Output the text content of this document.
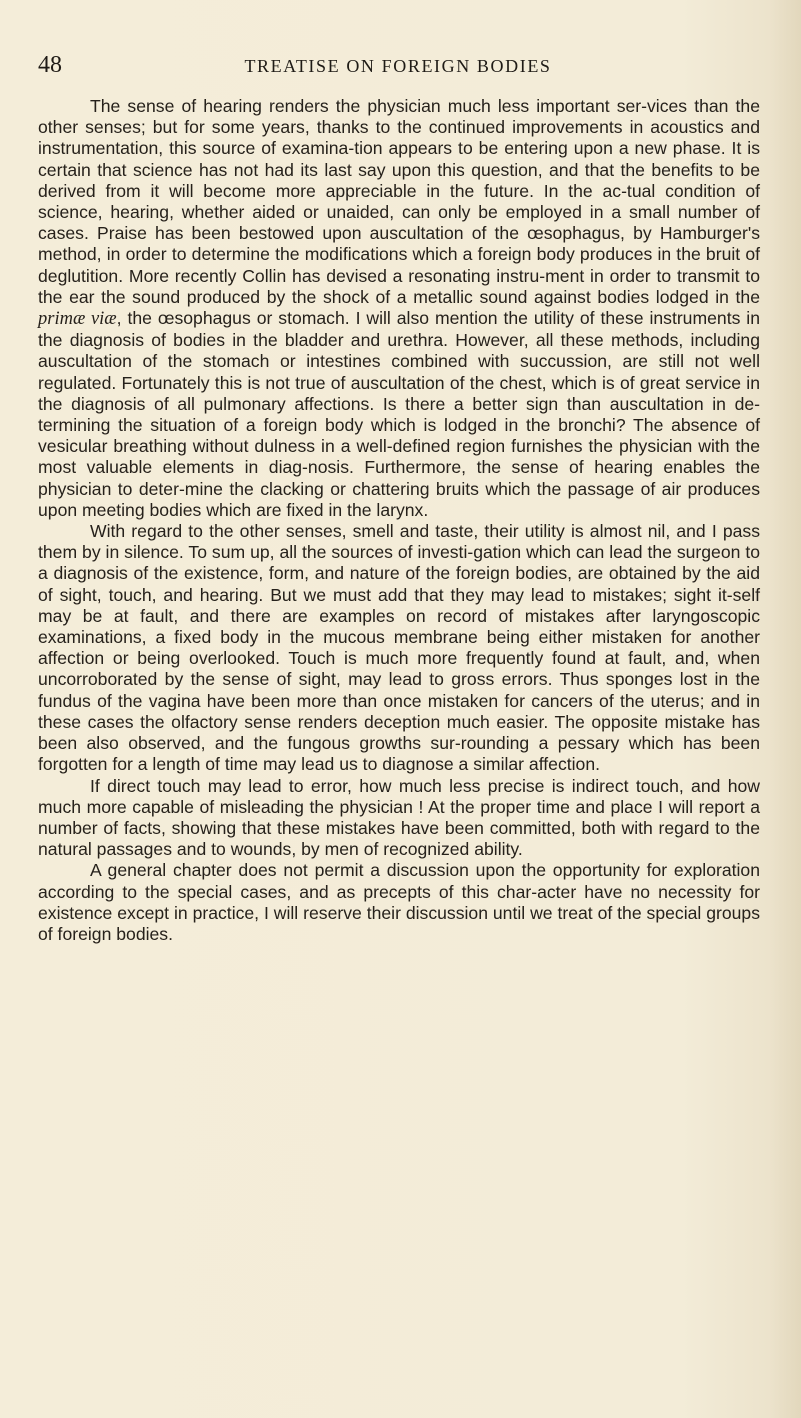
48	TREATISE ON FOREIGN BODIES

The sense of hearing renders the physician much less important ser-vices than the other senses; but for some years, thanks to the continued improvements in acoustics and instrumentation, this source of examina-tion appears to be entering upon a new phase. It is certain that science has not had its last say upon this question, and that the benefits to be derived from it will become more appreciable in the future. In the ac-tual condition of science, hearing, whether aided or unaided, can only be employed in a small number of cases. Praise has been bestowed upon auscultation of the œsophagus, by Hamburger's method, in order to determine the modifications which a foreign body produces in the bruit of deglutition. More recently Collin has devised a resonating instru-ment in order to transmit to the ear the sound produced by the shock of a metallic sound against bodies lodged in the primæ viæ, the œsophagus or stomach. I will also mention the utility of these instruments in the diagnosis of bodies in the bladder and urethra. However, all these methods, including auscultation of the stomach or intestines combined with succussion, are still not well regulated. Fortunately this is not true of auscultation of the chest, which is of great service in the diagnosis of all pulmonary affections. Is there a better sign than auscultation in de-termining the situation of a foreign body which is lodged in the bronchi? The absence of vesicular breathing without dulness in a well-defined region furnishes the physician with the most valuable elements in diag-nosis. Furthermore, the sense of hearing enables the physician to deter-mine the clacking or chattering bruits which the passage of air produces upon meeting bodies which are fixed in the larynx.

With regard to the other senses, smell and taste, their utility is almost nil, and I pass them by in silence. To sum up, all the sources of investi-gation which can lead the surgeon to a diagnosis of the existence, form, and nature of the foreign bodies, are obtained by the aid of sight, touch, and hearing. But we must add that they may lead to mistakes; sight it-self may be at fault, and there are examples on record of mistakes after laryngoscopic examinations, a fixed body in the mucous membrane being either mistaken for another affection or being overlooked. Touch is much more frequently found at fault, and, when uncorroborated by the sense of sight, may lead to gross errors. Thus sponges lost in the fundus of the vagina have been more than once mistaken for cancers of the uterus; and in these cases the olfactory sense renders deception much easier. The opposite mistake has been also observed, and the fungous growths sur-rounding a pessary which has been forgotten for a length of time may lead us to diagnose a similar affection.

If direct touch may lead to error, how much less precise is indirect touch, and how much more capable of misleading the physician ! At the proper time and place I will report a number of facts, showing that these mistakes have been committed, both with regard to the natural passages and to wounds, by men of recognized ability.

A general chapter does not permit a discussion upon the opportunity for exploration according to the special cases, and as precepts of this char-acter have no necessity for existence except in practice, I will reserve their discussion until we treat of the special groups of foreign bodies.
